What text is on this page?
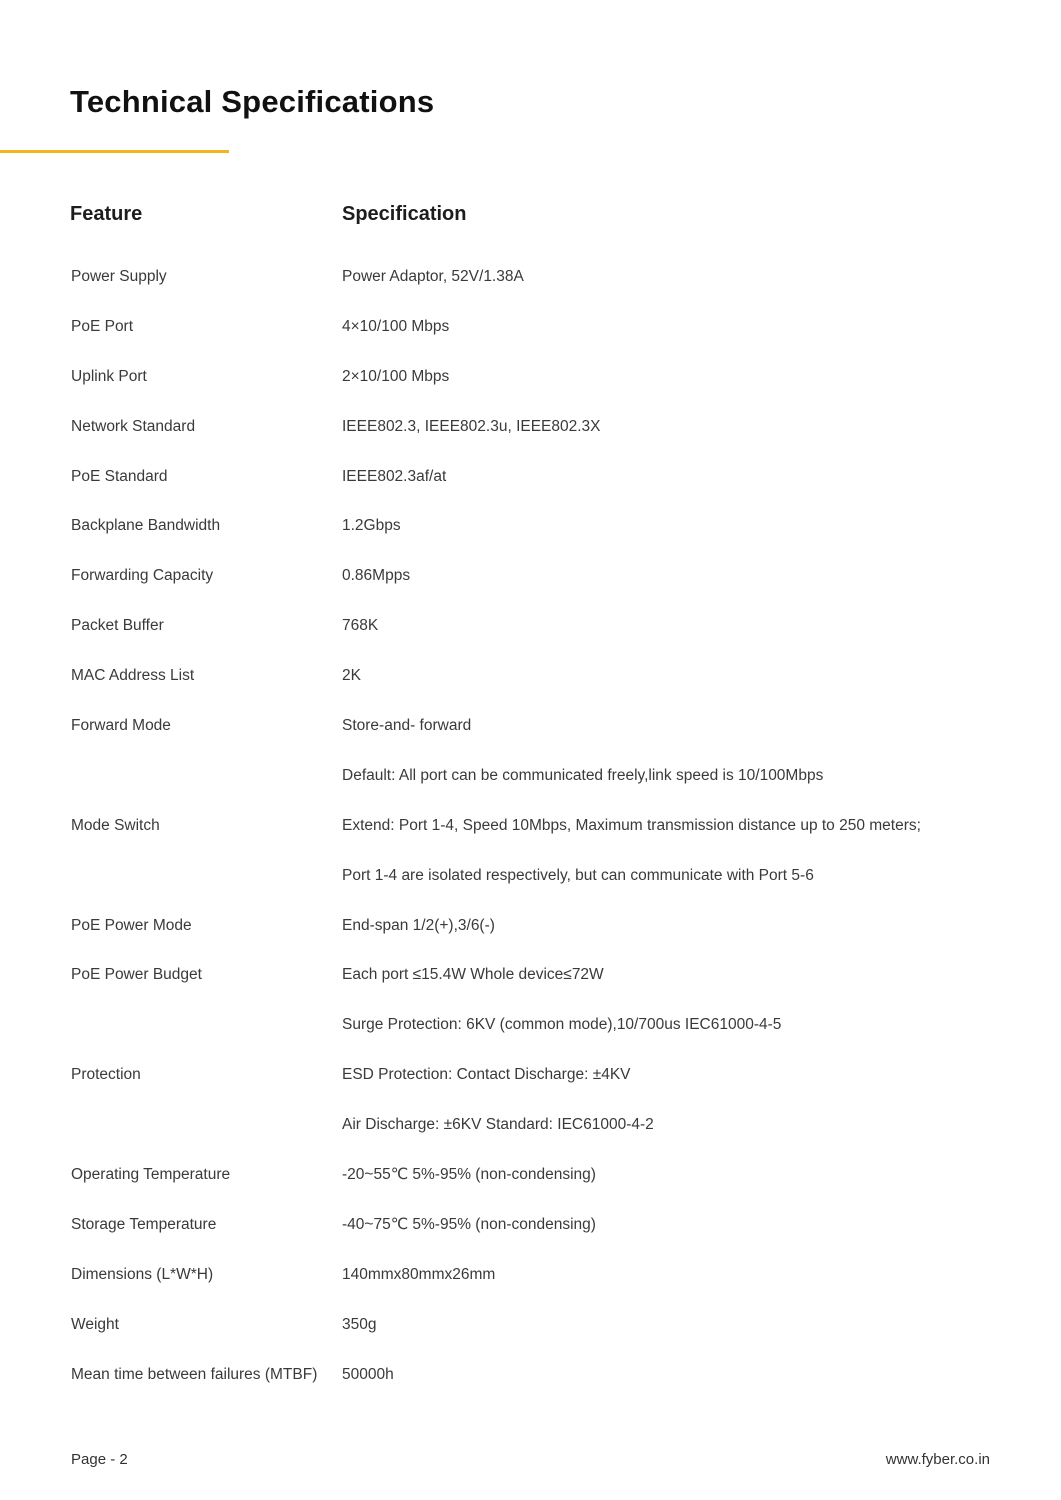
Technical Specifications
Feature	Specification
Power Supply	Power Adaptor, 52V/1.38A
PoE Port	4×10/100 Mbps
Uplink Port	2×10/100 Mbps
Network Standard	IEEE802.3, IEEE802.3u, IEEE802.3X
PoE Standard	IEEE802.3af/at
Backplane Bandwidth	1.2Gbps
Forwarding Capacity	0.86Mpps
Packet Buffer	768K
MAC Address List	2K
Forward Mode	Store-and- forward
Default: All port can be communicated freely,link speed is 10/100Mbps
Mode Switch	Extend: Port 1-4, Speed 10Mbps, Maximum transmission distance up to 250 meters;
Port 1-4 are isolated respectively, but can communicate with Port 5-6
PoE Power Mode	End-span 1/2(+),3/6(-)
PoE Power Budget	Each port ≤15.4W Whole device≤72W
Surge Protection: 6KV (common mode),10/700us IEC61000-4-5
Protection	ESD Protection: Contact Discharge: ±4KV
Air Discharge: ±6KV Standard: IEC61000-4-2
Operating Temperature	-20~55℃ 5%-95% (non-condensing)
Storage Temperature	-40~75℃ 5%-95% (non-condensing)
Dimensions (L*W*H)	140mmx80mmx26mm
Weight	350g
Mean time between failures (MTBF) 50000h
Page - 2	www.fyber.co.in
